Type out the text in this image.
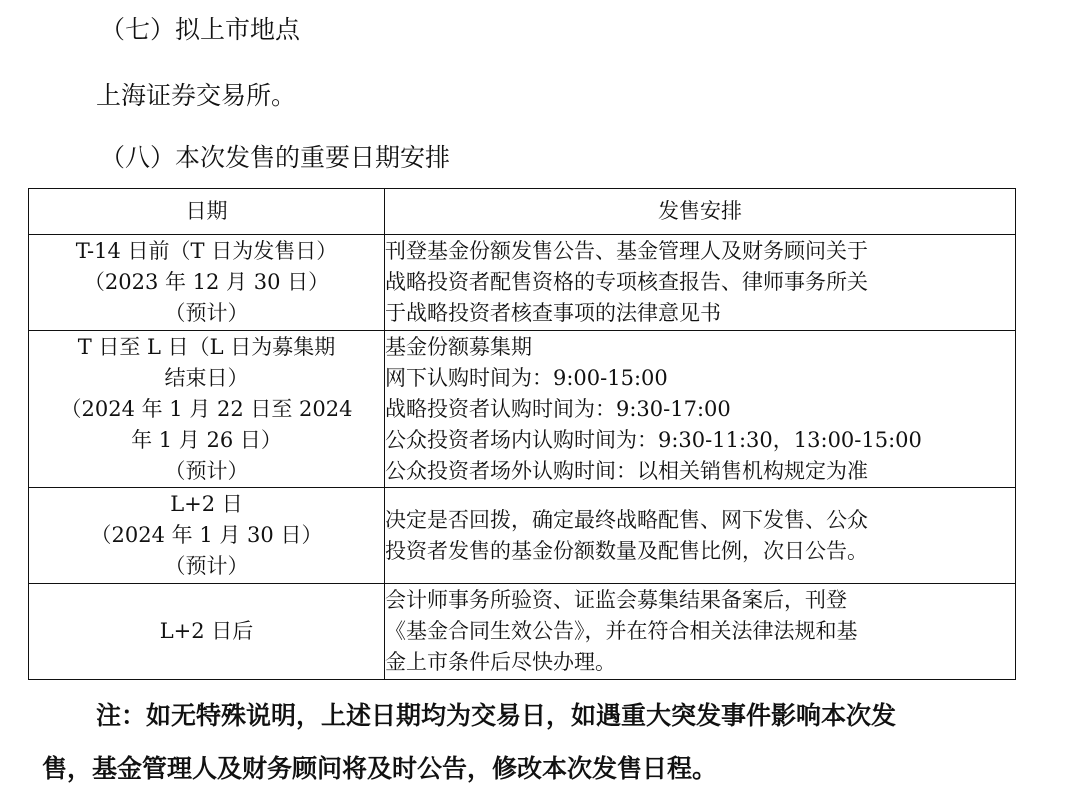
（七）拟上市地点
上海证券交易所。
（八）本次发售的重要日期安排
日期	发售安排

T-14 日前（T 日为发售日）
（2023 年 12 月 30 日）
（预计）	刊登基金份额发售公告、基金管理人及财务顾问关于
战略投资者配售资格的专项核查报告、律师事务所关
于战略投资者核查事项的法律意见书

T 日至 L 日（L 日为募集期
结束日）
（2024 年 1 月 22 日至 2024
年 1 月 26 日）
（预计）	基金份额募集期
网下认购时间为：9:00-15:00
战略投资者认购时间为：9:30-17:00
公众投资者场内认购时间为：9:30-11:30，13:00-15:00
公众投资者场外认购时间：以相关销售机构规定为准

L+2 日
（2024 年 1 月 30 日）
（预计）	决定是否回拨，确定最终战略配售、网下发售、公众
投资者发售的基金份额数量及配售比例，次日公告。

L+2 日后	会计师事务所验资、证监会募集结果备案后，刊登
《基金合同生效公告》，并在符合相关法律法规和基
金上市条件后尽快办理。
注：如无特殊说明，上述日期均为交易日，如遇重大突发事件影响本次发
售，基金管理人及财务顾问将及时公告，修改本次发售日程。
